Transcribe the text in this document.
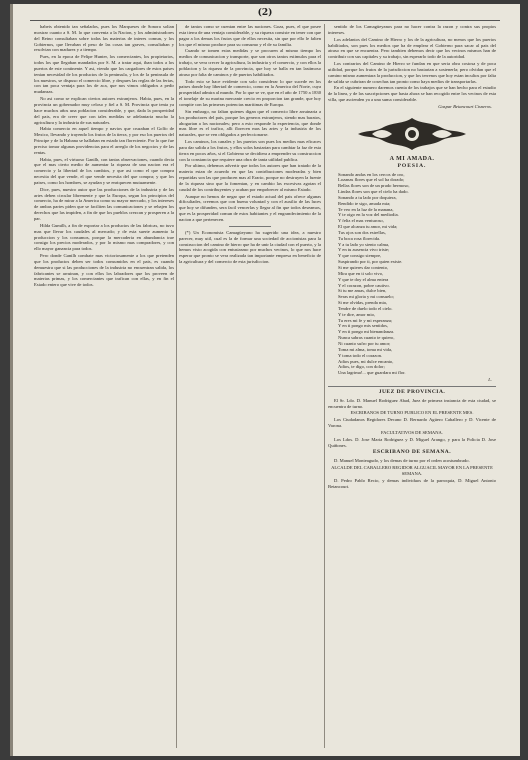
(2)

habeis obtenido tan señalados, pues los Marqueses de Sonora solian mostrar cuanto a S. M. lo que convenia a la Nacion, y los administradores del Reino consultaban sobre todas las materias de interes comun, y los Gobiernos, que llevaban el peso de las cosas tan graves, consultaban y resolvian con madurez y a tiempo.

Pues, en la epoca de Felipe Hunter, los comerciantes, los propietarios, todos los que llegaban mandados por S. M. a tratar aqui, iban todos a los puertos de este continente. Y asi, viendo que los cargadores de estos paises tenian necesidad de los productos de la peninsula, y los de la peninsula de los nuestros, se dispuso el comercio libre, y despues las reglas de las ferias, con tan poca ventaja para los de aca, que nos vimos obligados a pedir mudanzas.

No asi como se explican ciertos autores extranjeros. Habia, pues, en la provincia un gobernador muy celoso y fiel a S. M. Provincia que tenia ya hace muchos años una poblacion considerable, y que, dada la prosperidad del pais, era de creer que con tales medidas se adelantaria mucho la agricultura y la industria de sus naturales.

Habia comercio en aquel tiempo y navios que cruzaban el Golfo de Mexico, llevando y trayendo los frutos de la tierra, y por eso los puertos del Principe y de la Habana se hallaban en estado tan floreciente. Por lo que fue preciso tomar algunas providencias para el arreglo de los negocios y de las rentas.

Habia, pues, el virtuoso Ganilh, con tantas observaciones, cuando decia que el mas cierto medio de aumentar la riqueza de una nacion era el comercio y la libertad de los cambios, y que asi como el que compra necesita del que vende, el que vende necesita del que compra; y que los paises, como los hombres, se ayudan y se enriquecen mutuamente.

Dice, pues, nuestro autor que las producciones de la industria y de las artes deben circular libremente y que la Europa, segun los principios del comercio, ha de mirar a la America como su mayor mercado, y los intereses de ambas partes piden que se faciliten las comunicaciones y se rebajen los derechos que las impiden, a fin de que los pueblos crezcan y prosperen a la par.

Hilda Gumilh, a fin de exportar a los productos de las fabricas, no tuvo mas que llevar los caudales al mercado; y de esta suerte aumento la produccion y los consumos, porque la mercaderia en abundancia trae consigo los precios moderados, y por lo mismo mas compradores, y con ello mayor ganancia para todos.

Pero donde Ganilh combate mas victoriosamente a los que pretenden que los productos deben ser todos consumidos en el pais, es cuando demuestra que si las producciones de la industria no encuentran salida, los fabricantes se arruinan, y con ellos los labradores que los proveen de materias primas, y los comerciantes que trafican con ellas, y en fin el Estado entero que vive de todos.

de tantos como se cuentan entre las naciones. Goza, pues, el que posee esta tierra de una ventaja considerable, y su riqueza consiste en tener con que pagar a los demas los frutos que de ellos necesita, sin que por ello le falten los que el mismo produce para su consumo y el de su familia.

Cuando se tomen estas medidas y se procuren al mismo tiempo los medios de comunicacion y transporte, que son otros tantos estimulos para el trabajo, se vera crecer la agricultura, la industria y el comercio, y con ellos la poblacion y la riqueza de la provincia, que hoy se halla en tan lastimoso atraso por falta de caminos y de puertos habilitados.

Todo esto se hace evidente con solo considerar lo que sucede en los paises donde hay libertad de comercio, como en la America del Norte, cuya prosperidad admira al mundo. Por lo que se ve, que en el año de 1750 a 1830 el tonelaje de su marina mercante crecio en proporcion tan grande, que hoy compite con las primeras potencias maritimas de Europa.

Sin embargo, no faltan quienes digan que el comercio libre arruinaria a los productores del pais, porque los generos extranjeros, siendo mas baratos, ahogarian a los nacionales; pero a esto responde la experiencia, que donde mas libre es el trafico, alli florecen mas las artes y la industria de los naturales, que se ven obligados a perfeccionarse.

Los caminos, los canales y los puertos son pues los medios mas eficaces para dar salida a los frutos, y ellos solos bastarian para cambiar la faz de esta tierra en pocos años, si el Gobierno se decidiera a emprender su construccion con la constancia que requiere una obra de tanta utilidad publica.

Por ultimo, debemos advertir que todos los autores que han tratado de la materia estan de acuerdo en que las contribuciones moderadas y bien repartidas son las que producen mas al Erario, porque no destruyen la fuente de la riqueza sino que la fomentan, y en cambio las excesivas agotan el caudal de los contribuyentes y acaban por empobrecer al mismo Estado.

Aunque no hemos de negar que el estado actual del pais ofrece algunas dificultades, creemos que con buena voluntad y con el auxilio de las luces que hoy se difunden, sera facil vencerlas y llegar al fin que todos deseamos, que es la prosperidad comun de estos habitantes y el engrandecimiento de la nacion a que pertenecen.

(*) Un Economista Camagüeyano ha sugerido una idea, a nuestro parecer, muy util, cual es la de formar una sociedad de accionistas para la construccion del camino de hierro que ha de unir la ciudad con el puerto, y la hemos visto acogida con entusiasmo por muchos vecinos, lo que nos hace esperar que pronto se vera realizada tan importante empresa en beneficio de la agricultura y del comercio de esta jurisdiccion.

sentido de los Camagüeyanos para no hacer contra la razon y contra sus propios intereses.

Los adelantos del Camino de Hierro y los de la agricultura, no menos que los puertos habilitados, son pues los medios que ha de emplear el Gobierno para sacar al pais del atraso en que se encuentra. Pero tambien debemos decir que los vecinos mismos han de contribuir con sus capitales y su trabajo, sin esperarlo todo de la autoridad.

Los contrarios del Camino de Hierro se fundan en que seria obra costosa y de poca utilidad, porque los frutos de la jurisdiccion no bastarian a sostenerla; pero olvidan que el camino mismo aumentara la produccion, y que los terrenos que hoy estan incultos por falta de salida se cubriran de cosechas tan pronto como haya medios de transportarlas.

En el siguiente numero daremos cuenta de los trabajos que se han hecho para el estudio de la linea, y de las suscripciones que hasta ahora se han recogido entre los vecinos de esta villa, que ascienden ya a una suma considerable.

Gaspar Betancourt Cisneros.
A MI AMADA.
POESIA.
Sonando andas en los cercos de oro,
Lozanas flores que el sol ha dorado;
Bellas flores son de un prado hermoso,
Lindas flores son que el cielo ha dado.
Sonando a tu lado por doquiera,
Rendido te sigo, amada mia;
Te veo en la luz de la manana,
Y te oigo en la voz del mediodia.
Y feliz el mas venturoso,
El que alcanza tu amor, mi vida;
Tus ojos son dos estrellas,
Tu boca rosa florecida.
Y a tu lado yo siento calma,
Y en tu ausencia vivo triste;
Y que consigo siempre,
Suspirando por ti, por quien existe.
Si me quieres dar contento,
Mira que en ti solo vivo,
Y que te doy el alma entera
Y el corazon, pobre cautivo.
Si tu me amas, dulce bien,
Seras mi gloria y mi consuelo;
Si me olvidas, prenda mia,
Tendre de duelo todo el cielo.
Y te dire, amor mio,
Tu eres mi fe y mi esperanza;
Y en ti pongo mis sentidos,
Y en ti pongo mi bienandanza.
Nunca sabras cuanto te quiero,
Ni cuanto sufro por tu amor;
Toma mi alma, toma mi vida,
Y toma todo el corazon.
Adios pues, mi dulce encanto,
Adios, te digo, con dolor;
Una lagrima!... que guardara mi flor.
L.
JUEZ DE PROVINCIA.

El Sr. Ldo. D. Manuel Rodriguez Abad, Juez de primera instancia de esta ciudad, se encuentra de turno.

ESCRIBANOS DE TURNO PUBLICO EN EL PRESENTE MES.

Los Ciudadanos Regidores Decano D. Bernardo Agüero Caballero y D. Vicente de Varona.

FACULTATIVOS DE SEMANA.

Los Ldos. D. Jose Maria Rodriguez y D. Miguel Arango, y para la Policia D. Jose Quiñones.

ESCRIBANO DE SEMANA.

D. Manuel Monteagudo, y los demas de turno por el orden acostumbrado.

ALCALDE DEL CABALLERO REGIDOR ALGUACIL MAYOR EN LA PRESENTE SEMANA.

D. Pedro Pablo Recio, y demas individuos de la parroquia, D. Miguel Antonio Betancourt.
